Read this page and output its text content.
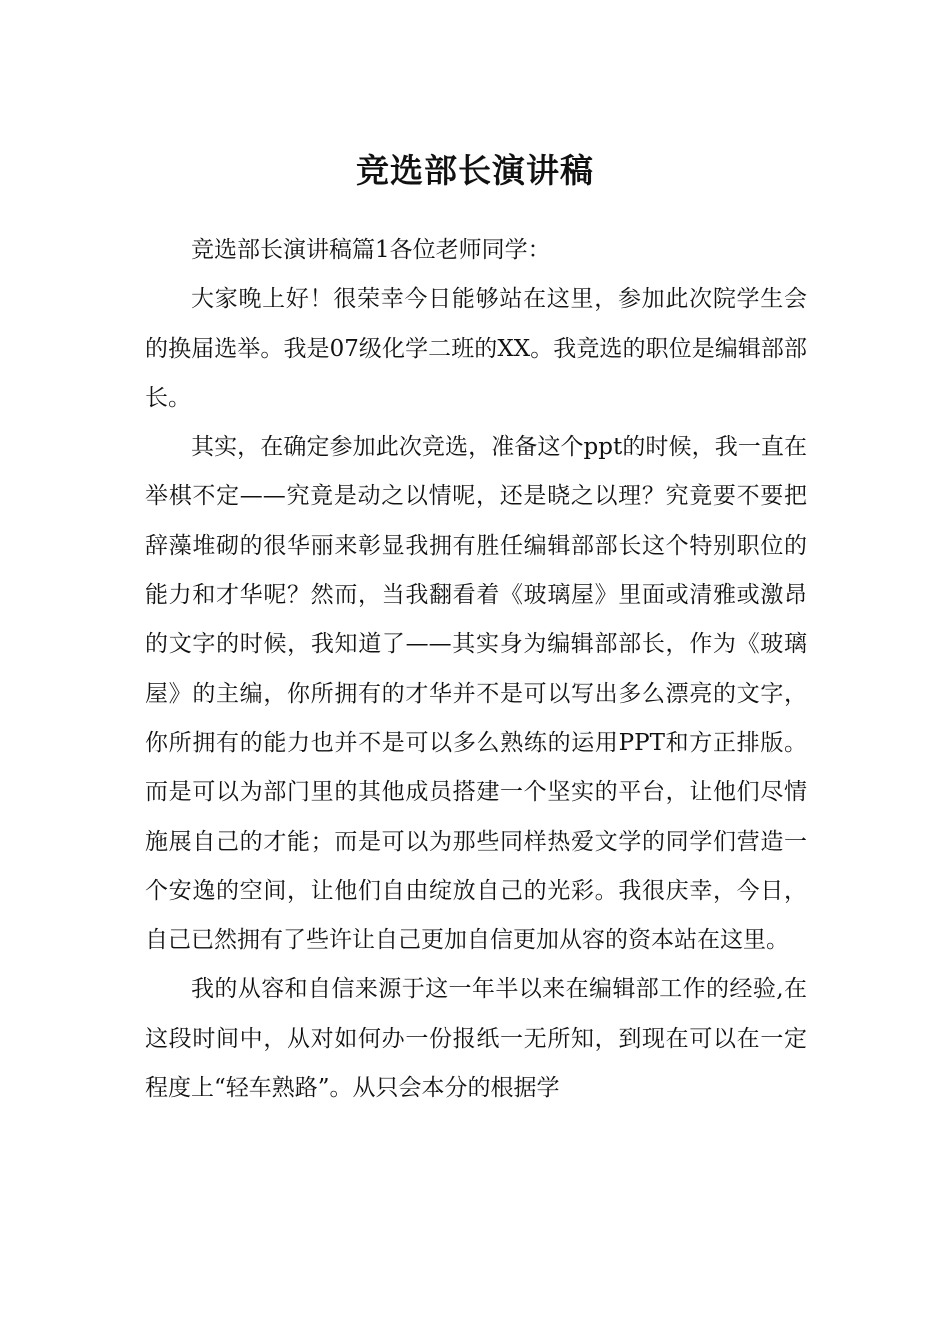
竞选部长演讲稿

竞选部长演讲稿篇1各位老师同学：

大家晚上好！很荣幸今日能够站在这里，参加此次院学生会的换届选举。我是07级化学二班的XX。我竞选的职位是编辑部部长。

其实，在确定参加此次竞选，准备这个ppt的时候，我一直在举棋不定——究竟是动之以情呢，还是晓之以理？究竟要不要把辞藻堆砌的很华丽来彰显我拥有胜任编辑部部长这个特别职位的能力和才华呢？然而，当我翻看着《玻璃屋》里面或清雅或激昂的文字的时候，我知道了——其实身为编辑部部长，作为《玻璃屋》的主编，你所拥有的才华并不是可以写出多么漂亮的文字，你所拥有的能力也并不是可以多么熟练的运用PPT和方正排版。而是可以为部门里的其他成员搭建一个坚实的平台，让他们尽情施展自己的才能；而是可以为那些同样热爱文学的同学们营造一个安逸的空间，让他们自由绽放自己的光彩。我很庆幸，今日，自己已然拥有了些许让自己更加自信更加从容的资本站在这里。

我的从容和自信来源于这一年半以来在编辑部工作的经验,在这段时间中，从对如何办一份报纸一无所知，到现在可以在一定程度上“轻车熟路”。从只会本分的根据学
